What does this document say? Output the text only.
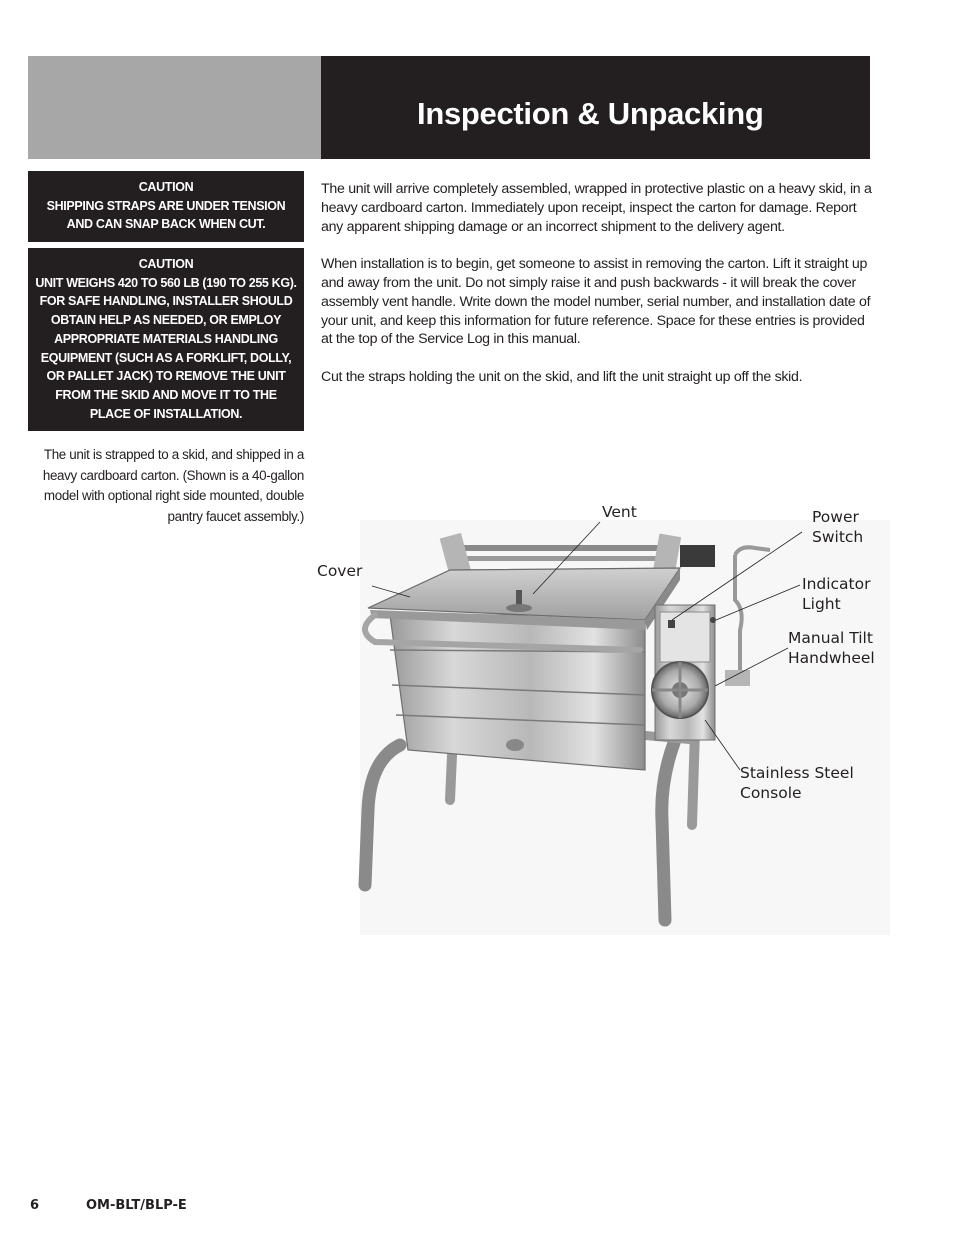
Inspection & Unpacking
CAUTION
SHIPPING STRAPS ARE UNDER TENSION AND CAN SNAP BACK WHEN CUT.
CAUTION
UNIT WEIGHS 420 TO 560 LB (190 TO 255 KG). FOR SAFE HANDLING, INSTALLER SHOULD OBTAIN HELP AS NEEDED, OR EMPLOY APPROPRIATE MATERIALS HANDLING EQUIPMENT (SUCH AS A FORKLIFT, DOLLY, OR PALLET JACK) TO REMOVE THE UNIT FROM THE SKID AND MOVE IT TO THE PLACE OF INSTALLATION.
The unit is strapped to a skid, and shipped in a heavy cardboard carton. (Shown is a 40-gallon model with optional right side mounted, double pantry faucet assembly.)

The unit will arrive completely assembled, wrapped in protective plastic on a heavy skid, in a heavy cardboard carton. Immediately upon receipt, inspect the carton for damage. Report any apparent shipping damage or an incorrect shipment to the delivery agent.

When installation is to begin, get someone to assist in removing the carton. Lift it straight up and away from the unit. Do not simply raise it and push backwards - it will break the cover assembly vent handle. Write down the model number, serial number, and installation date of your unit, and keep this information for future reference. Space for these entries is provided at the top of the Service Log in this manual.

Cut the straps holding the unit on the skid, and lift the unit straight up off the skid.

Vent
Cover
Power
Switch
Indicator
Light
Manual Tilt
Handwheel
Stainless Steel
Console
6	OM-BLT/BLP-E
